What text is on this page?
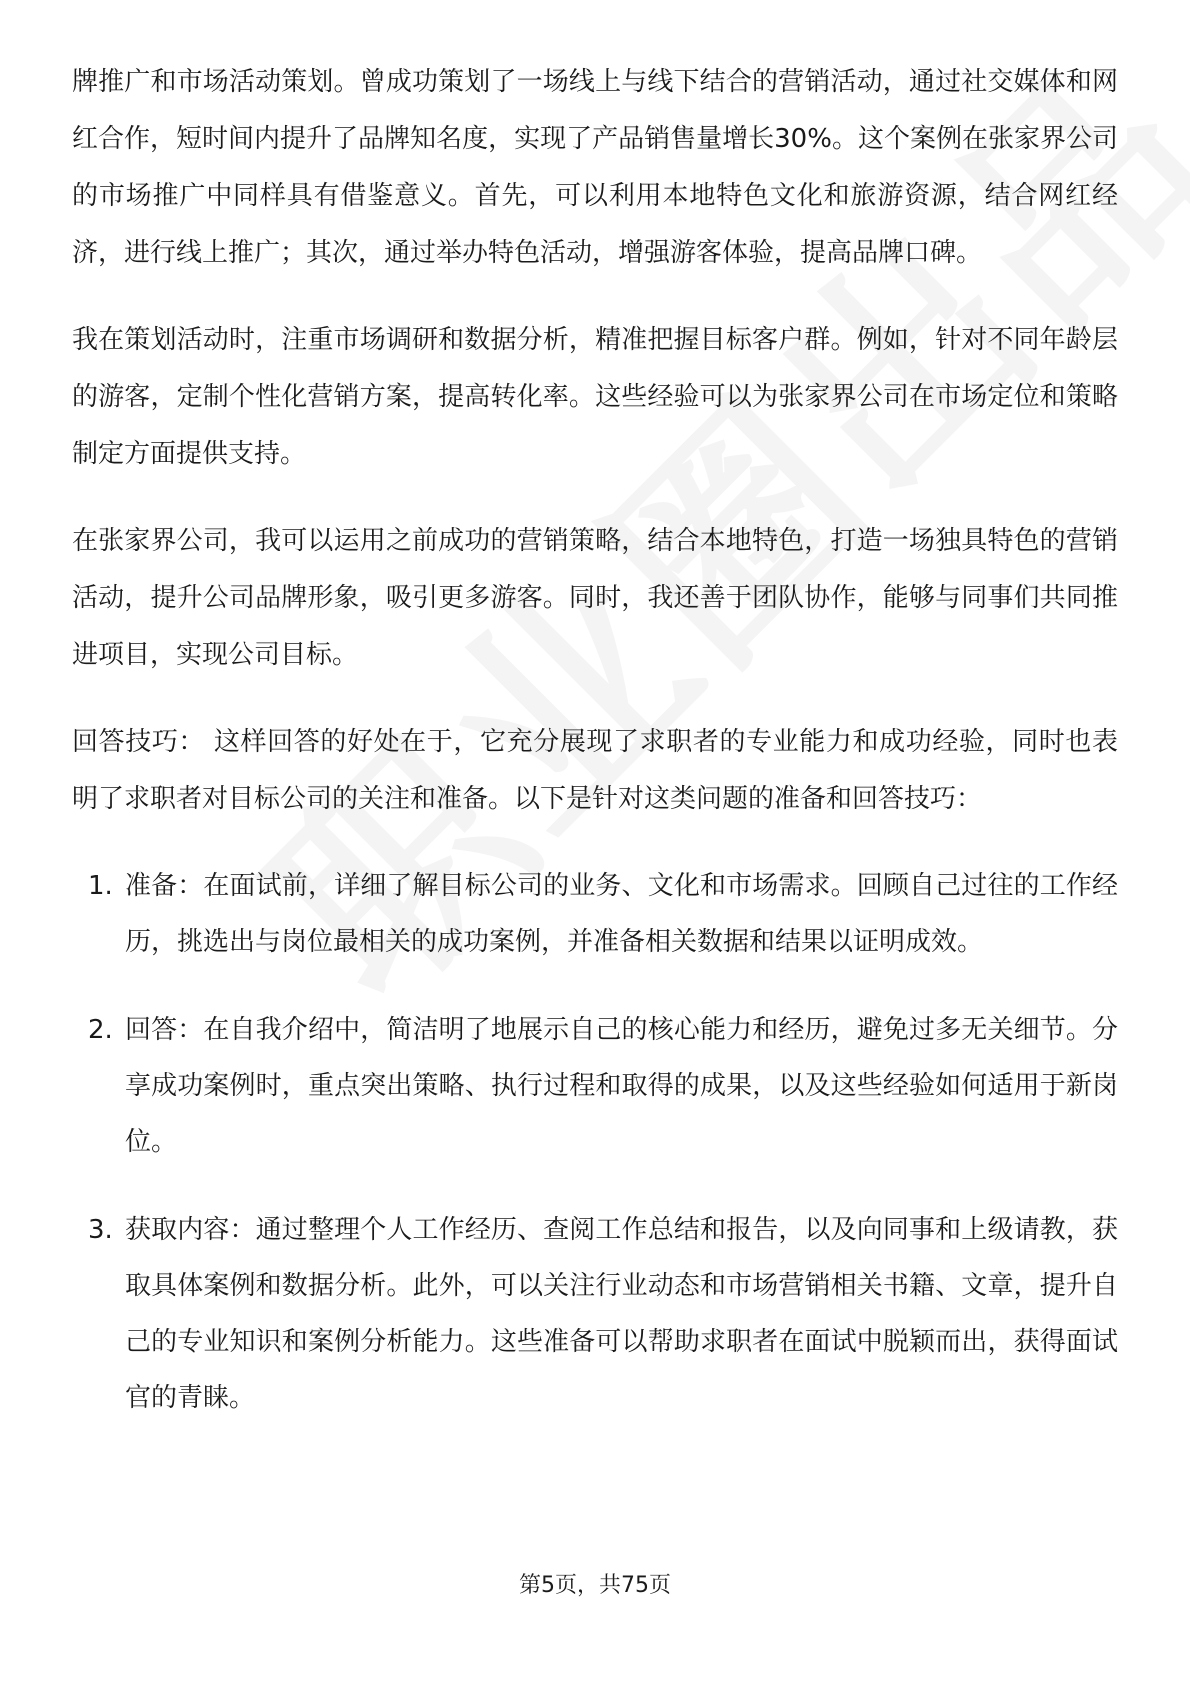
牌推广和市场活动策划。曾成功策划了一场线上与线下结合的营销活动，通过社交媒体和网红合作，短时间内提升了品牌知名度，实现了产品销售量增长30%。这个案例在张家界公司的市场推广中同样具有借鉴意义。首先，可以利用本地特色文化和旅游资源，结合网红经济，进行线上推广；其次，通过举办特色活动，增强游客体验，提高品牌口碑。

我在策划活动时，注重市场调研和数据分析，精准把握目标客户群。例如，针对不同年龄层的游客，定制个性化营销方案，提高转化率。这些经验可以为张家界公司在市场定位和策略制定方面提供支持。

在张家界公司，我可以运用之前成功的营销策略，结合本地特色，打造一场独具特色的营销活动，提升公司品牌形象，吸引更多游客。同时，我还善于团队协作，能够与同事们共同推进项目，实现公司目标。

回答技巧： 这样回答的好处在于，它充分展现了求职者的专业能力和成功经验，同时也表明了求职者对目标公司的关注和准备。以下是针对这类问题的准备和回答技巧：

1. 准备：在面试前，详细了解目标公司的业务、文化和市场需求。回顾自己过往的工作经历，挑选出与岗位最相关的成功案例，并准备相关数据和结果以证明成效。
2. 回答：在自我介绍中，简洁明了地展示自己的核心能力和经历，避免过多无关细节。分享成功案例时，重点突出策略、执行过程和取得的成果，以及这些经验如何适用于新岗位。
3. 获取内容：通过整理个人工作经历、查阅工作总结和报告，以及向同事和上级请教，获取具体案例和数据分析。此外，可以关注行业动态和市场营销相关书籍、文章，提升自己的专业知识和案例分析能力。这些准备可以帮助求职者在面试中脱颖而出，获得面试官的青睐。
第5页，共75页
